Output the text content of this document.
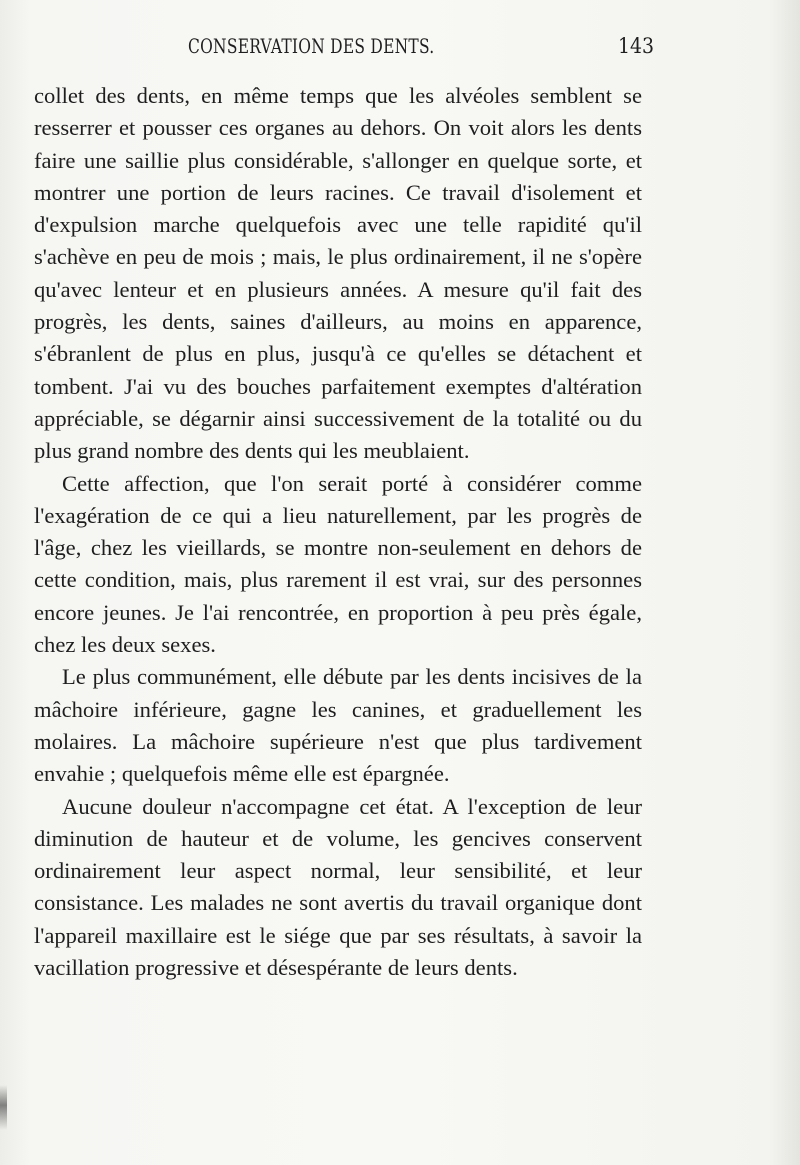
CONSERVATION DES DENTS.	143

collet des dents, en même temps que les alvéoles semblent se resserrer et pousser ces organes au dehors. On voit alors les dents faire une saillie plus considérable, s'allonger en quelque sorte, et montrer une portion de leurs racines. Ce travail d'isolement et d'expulsion marche quelquefois avec une telle rapidité qu'il s'achève en peu de mois ; mais, le plus ordinairement, il ne s'opère qu'avec lenteur et en plusieurs années. A mesure qu'il fait des progrès, les dents, saines d'ailleurs, au moins en apparence, s'ébranlent de plus en plus, jusqu'à ce qu'elles se détachent et tombent. J'ai vu des bouches parfaitement exemptes d'altération appréciable, se dégarnir ainsi successivement de la totalité ou du plus grand nombre des dents qui les meublaient.

Cette affection, que l'on serait porté à considérer comme l'exagération de ce qui a lieu naturellement, par les progrès de l'âge, chez les vieillards, se montre non-seulement en dehors de cette condition, mais, plus rarement il est vrai, sur des personnes encore jeunes. Je l'ai rencontrée, en proportion à peu près égale, chez les deux sexes.

Le plus communément, elle débute par les dents incisives de la mâchoire inférieure, gagne les canines, et graduellement les molaires. La mâchoire supérieure n'est que plus tardivement envahie ; quelquefois même elle est épargnée.

Aucune douleur n'accompagne cet état. A l'exception de leur diminution de hauteur et de volume, les gencives conservent ordinairement leur aspect normal, leur sensibilité, et leur consistance. Les malades ne sont avertis du travail organique dont l'appareil maxillaire est le siége que par ses résultats, à savoir la vacillation progressive et désespérante de leurs dents.
